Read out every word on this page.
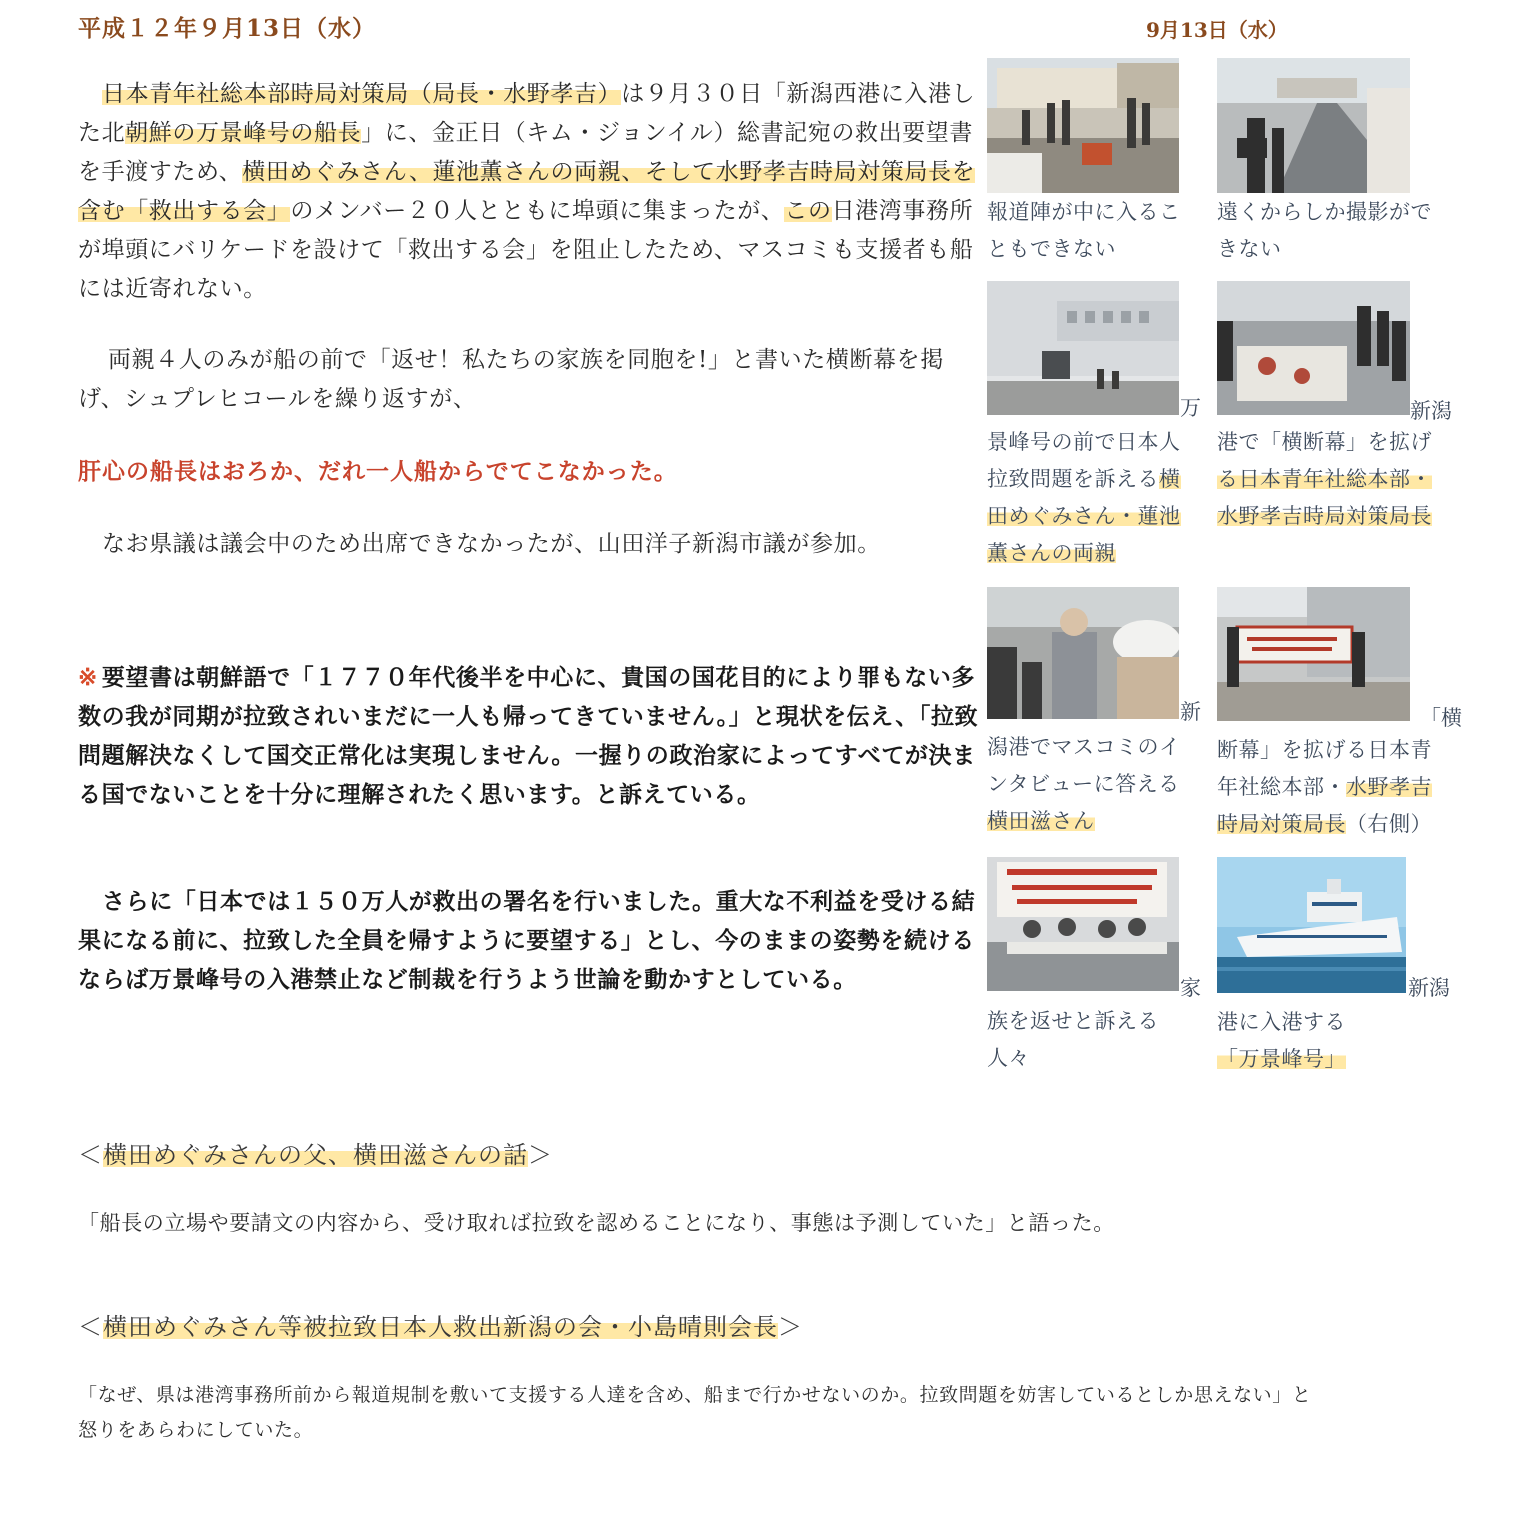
平成１２年９月13日（水）	9月13日（水）
日本青年社総本部時局対策局（局長・水野孝吉）は９月３０日「新潟西港に入港した北朝鮮の万景峰号の船長」に、金正日（キム・ジョンイル）総書記宛の救出要望書を手渡すため、横田めぐみさん、蓮池薫さんの両親、そして水野孝吉時局対策局長を含む「救出する会」のメンバー２０人とともに埠頭に集まったが、この日港湾事務所が埠頭にバリケードを設けて「救出する会」を阻止したため、マスコミも支援者も船には近寄れない。
両親４人のみが船の前で「返せ！私たちの家族を同胞を!」と書いた横断幕を掲げ、シュプレヒコールを繰り返すが、
肝心の船長はおろか、だれ一人船からでてこなかった。
なお県議は議会中のため出席できなかったが、山田洋子新潟市議が参加。
※ 要望書は朝鮮語で「１７７０年代後半を中心に、貴国の国花目的により罪もない多 数の我が同期が拉致されいまだに一人も帰ってきていません。」と現状を伝え、「拉致問題解決なくして国交正常化は実現しません。一握りの政治家によってすべてが決まる国でないことを十分に理解されたく思います。と訴えている。
さらに「日本では１５０万人が救出の署名を行いました。重大な不利益を受ける結果になる前に、拉致した全員を帰すように要望する」とし、今のままの姿勢を続けるならば万景峰号の入港禁止など制裁を行うよう世論を動かすとしている。
＜横田めぐみさんの父、横田滋さんの話＞
「船長の立場や要請文の内容から、受け取れば拉致を認めることになり、事態は予測していた」と語った。
＜横田めぐみさん等被拉致日本人救出新潟の会・小島晴則会長＞
「なぜ、県は港湾事務所前から報道規制を敷いて支援する人達を含め、船まで行かせないのか。拉致問題を妨害しているとしか思えない」と
怒りをあらわにしていた。
報道陣が中に入るこ
ともできない
遠くからしか撮影がで
きない
万
景峰号の前で日本人
拉致問題を訴える横
田めぐみさん・蓮池
薫さんの両親
新潟
港で「横断幕」を拡げ
る日本青年社総本部・
水野孝吉時局対策局長
新
潟港でマスコミのイ
ンタビューに答える
横田滋さん
「横
断幕」を拡げる日本青
年社総本部・水野孝吉
時局対策局長（右側）
家
族を返せと訴える
人々
新潟
港に入港する
「万景峰号」
